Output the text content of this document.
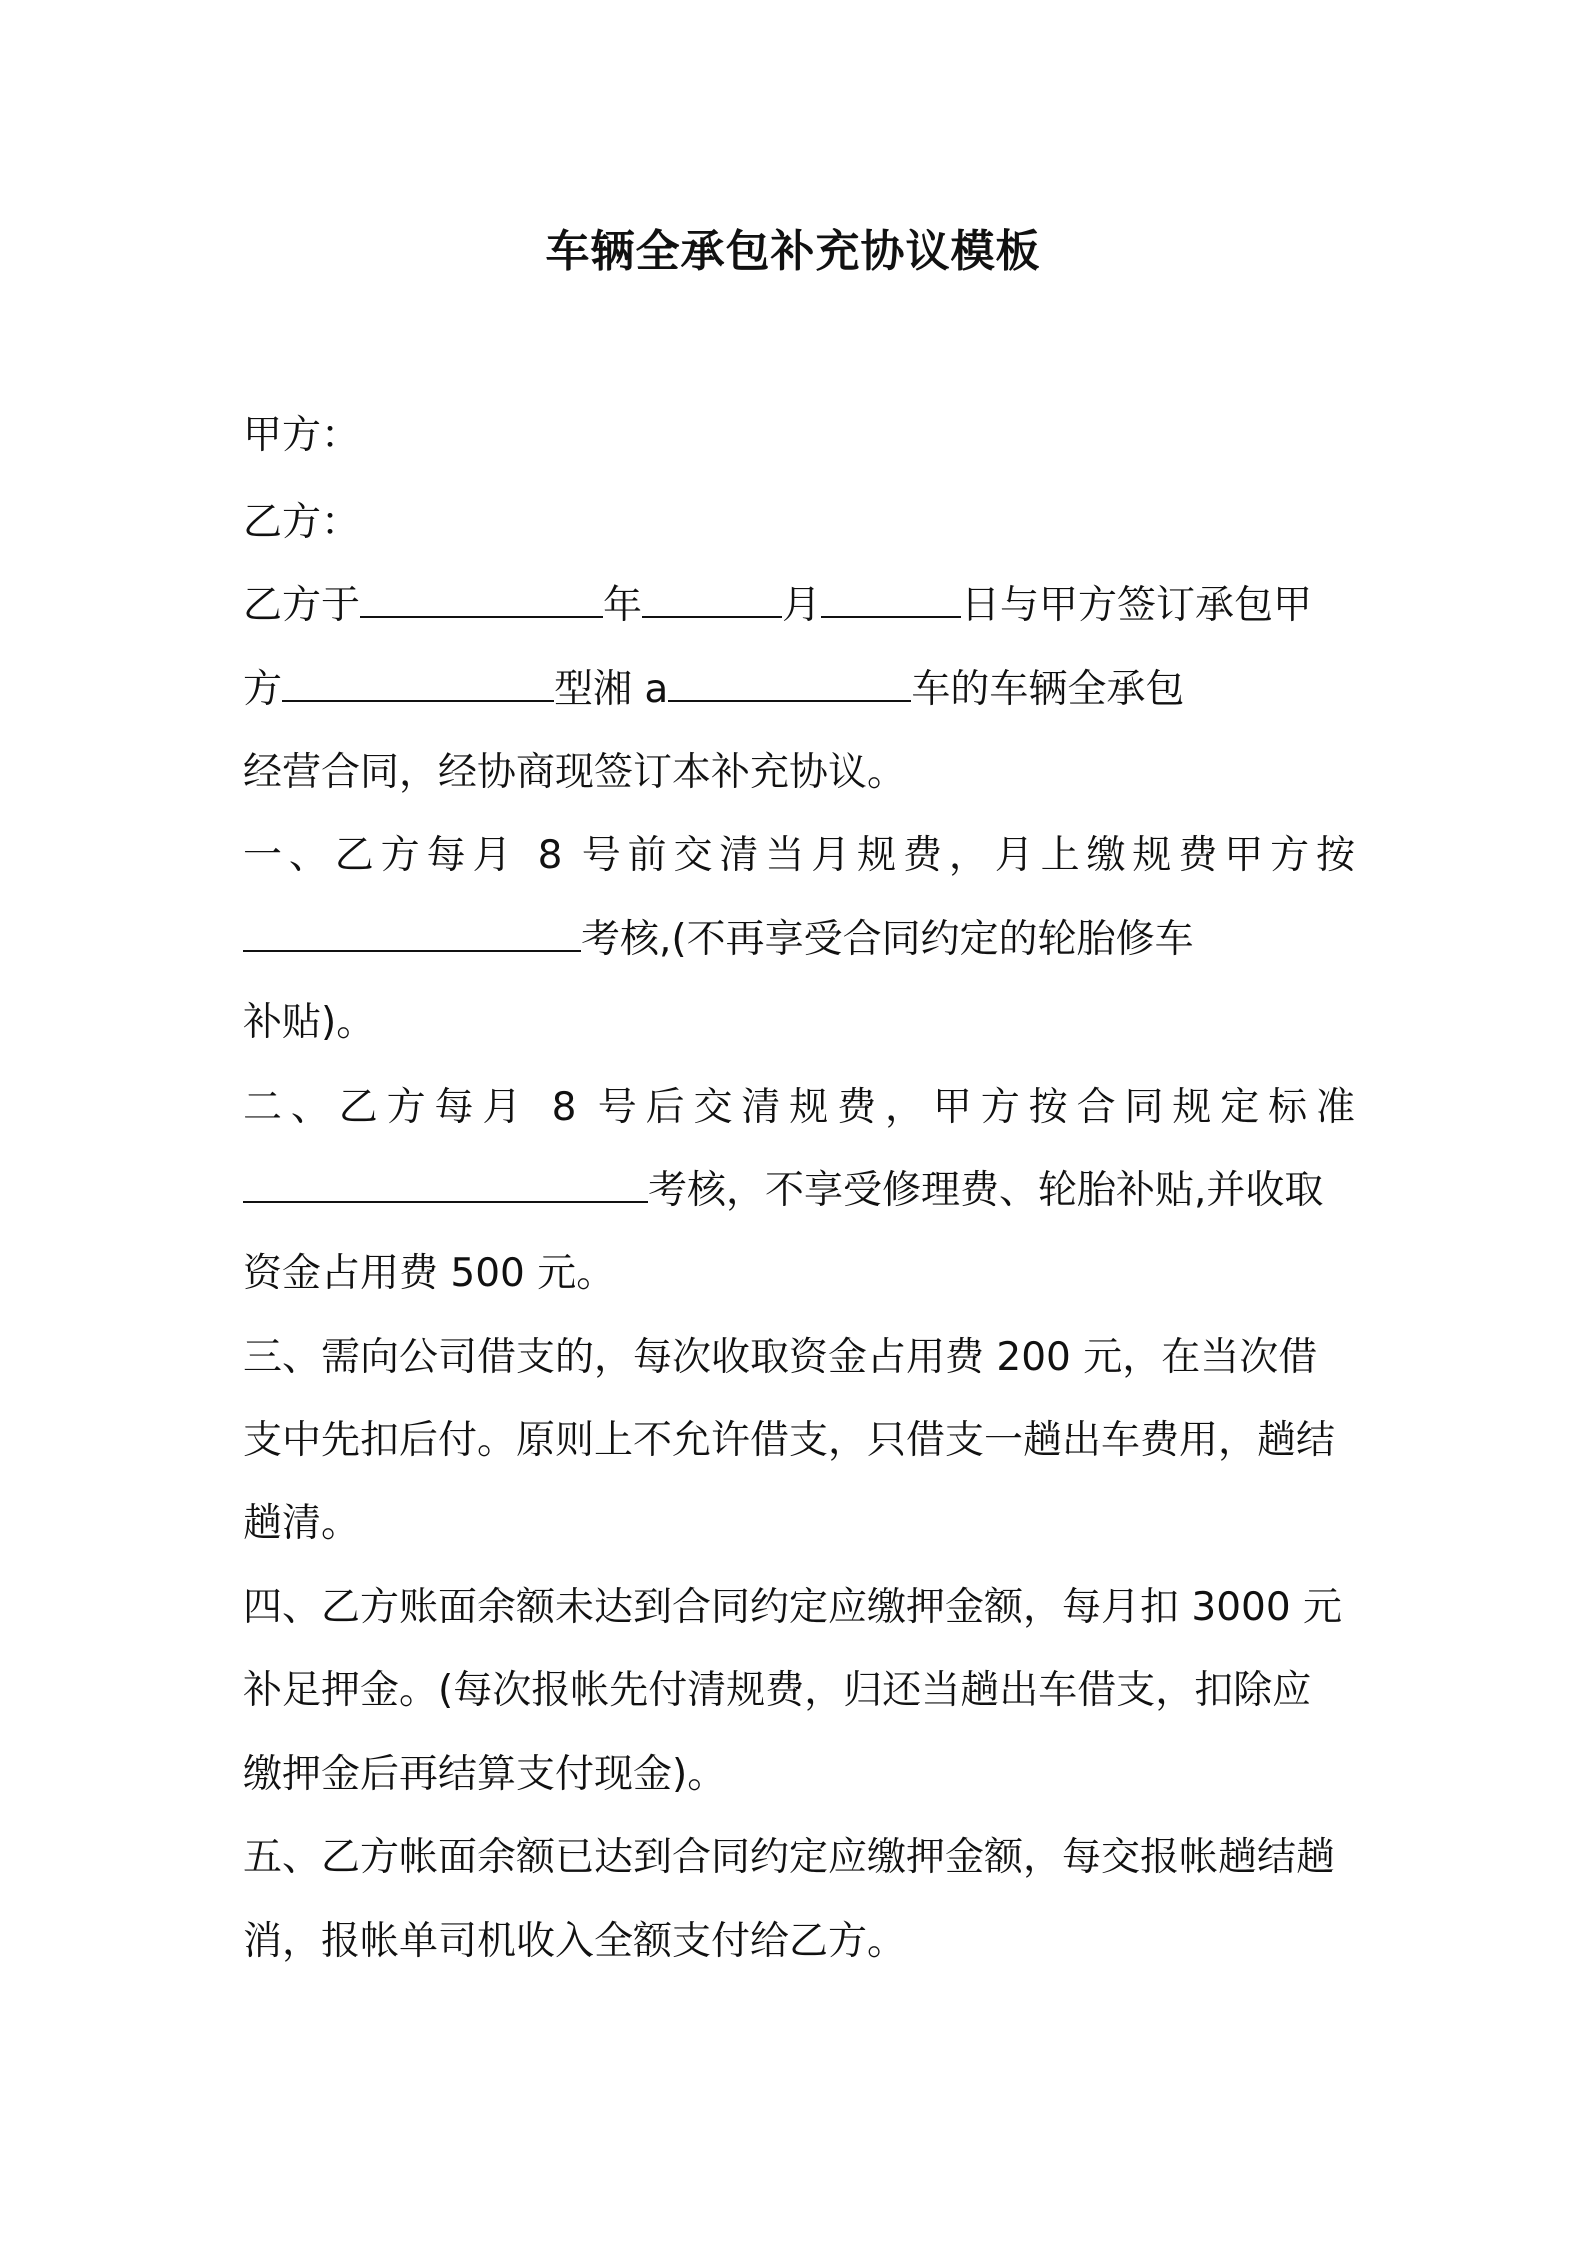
车辆全承包补充协议模板
甲方：
乙方：
乙方于	年	月	日与甲方签订承包甲
方	型湘 a	车的车辆全承包
经营合同，经协商现签订本补充协议。
一、乙方每月 8 号前交清当月规费，月上缴规费甲方按
考核,(不再享受合同约定的轮胎修车
补贴)。
二、乙方每月 8 号后交清规费，甲方按合同规定标准
考核，不享受修理费、轮胎补贴,并收取
资金占用费 500 元。
三、需向公司借支的，每次收取资金占用费 200 元，在当次借
支中先扣后付。原则上不允许借支，只借支一趟出车费用，趟结
趟清。
四、乙方账面余额未达到合同约定应缴押金额，每月扣 3000 元
补足押金。(每次报帐先付清规费，归还当趟出车借支，扣除应
缴押金后再结算支付现金)。
五、乙方帐面余额已达到合同约定应缴押金额，每交报帐趟结趟
消，报帐单司机收入全额支付给乙方。
